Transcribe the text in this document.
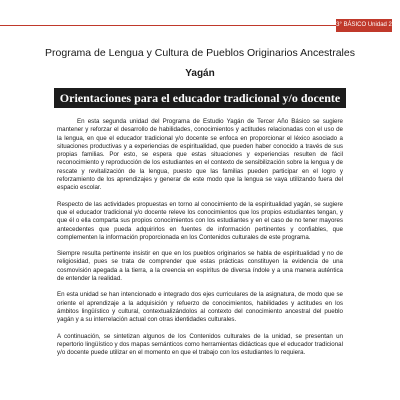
3° BÁSICO Unidad 2
Programa de Lengua y Cultura de Pueblos Originarios Ancestrales
Yagán
Orientaciones para el educador tradicional y/o docente

En esta segunda unidad del Programa de Estudio Yagán de Tercer Año Básico se sugiere mantener y reforzar el desarrollo de habilidades, conocimientos y actitudes relacionadas con el uso de la lengua, en que el educador tradicional y/o docente se enfoca en proporcionar el léxico asociado a situaciones productivas y a experiencias de espiritualidad, que pueden haber conocido a través de sus propias familias. Por esto, se espera que estas situaciones y experiencias resulten de fácil reconocimiento y reproducción de los estudiantes en el contexto de sensibilización sobre la lengua y de rescate y revitalización de la lengua, puesto que las familias pueden participar en el logro y reforzamiento de los aprendizajes y generar de este modo que la lengua se vaya utilizando fuera del espacio escolar.

Respecto de las actividades propuestas en torno al conocimiento de la espiritualidad yagán, se sugiere que el educador tradicional y/o docente releve los conocimientos que los propios estudiantes tengan, y que él o ella comparta sus propios conocimientos con los estudiantes y en el caso de no tener mayores antecedentes que pueda adquirirlos en fuentes de información pertinentes y confiables, que complementen la información proporcionada en los Contenidos culturales de este programa.

Siempre resulta pertinente insistir en que en los pueblos originarios se habla de espiritualidad y no de religiosidad, pues se trata de comprender que estas prácticas constituyen la evidencia de una cosmovisión apegada a la tierra, a la creencia en espíritus de diversa índole y a una manera auténtica de entender la realidad.

En esta unidad se han intencionado e integrado dos ejes curriculares de la asignatura, de modo que se oriente el aprendizaje a la adquisición y refuerzo de conocimientos, habilidades y actitudes en los ámbitos lingüístico y cultural, contextualizándolos al contexto del conocimiento ancestral del pueblo yagán y a su interrelación actual con otras identidades culturales.

A continuación, se sintetizan algunos de los Contenidos culturales de la unidad, se presentan un repertorio lingüístico y dos mapas semánticos como herramientas didácticas que el educador tradicional y/o docente puede utilizar en el momento en que el trabajo con los estudiantes lo requiera.
